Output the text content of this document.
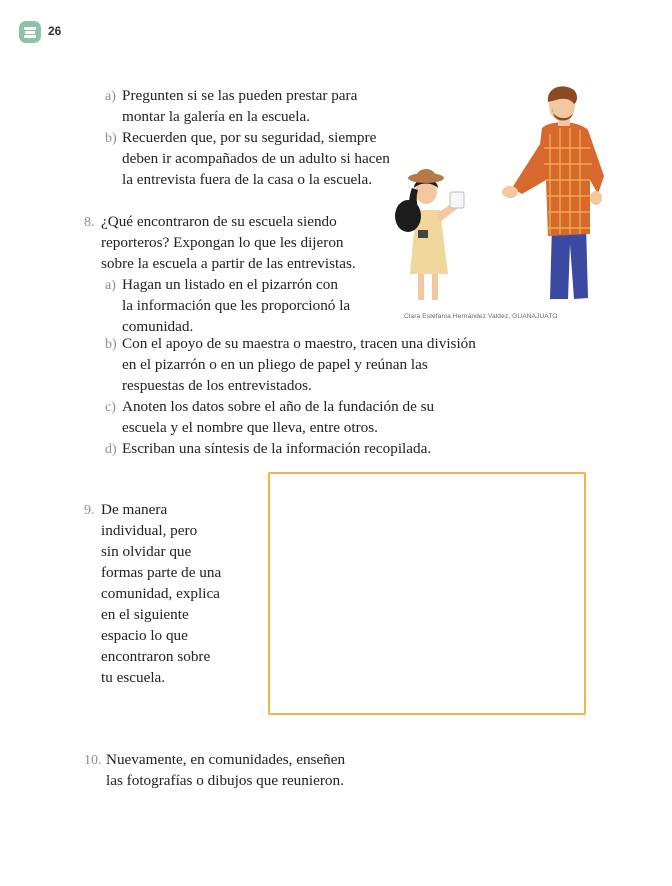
26
a) Pregunten si se las pueden prestar para
montar la galería en la escuela.
b) Recuerden que, por su seguridad, siempre
deben ir acompañados de un adulto si hacen
la entrevista fuera de la casa o la escuela.
8. ¿Qué encontraron de su escuela siendo
reporteros? Expongan lo que les dijeron
sobre la escuela a partir de las entrevistas.
a) Hagan un listado en el pizarrón con
la información que les proporcionó la
comunidad.
b) Con el apoyo de su maestra o maestro, tracen una división
en el pizarrón o en un pliego de papel y reúnan las
respuestas de los entrevistados.
c) Anoten los datos sobre el año de la fundación de su
escuela y el nombre que lleva, entre otros.
d) Escriban una síntesis de la información recopilada.
9. De manera
individual, pero
sin olvidar que
formas parte de una
comunidad, explica
en el siguiente
espacio lo que
encontraron sobre
tu escuela.
10. Nuevamente, en comunidades, enseñen
las fotografías o dibujos que reunieron.
Clara Estefanía Hernández Valdez, GUANAJUATO
